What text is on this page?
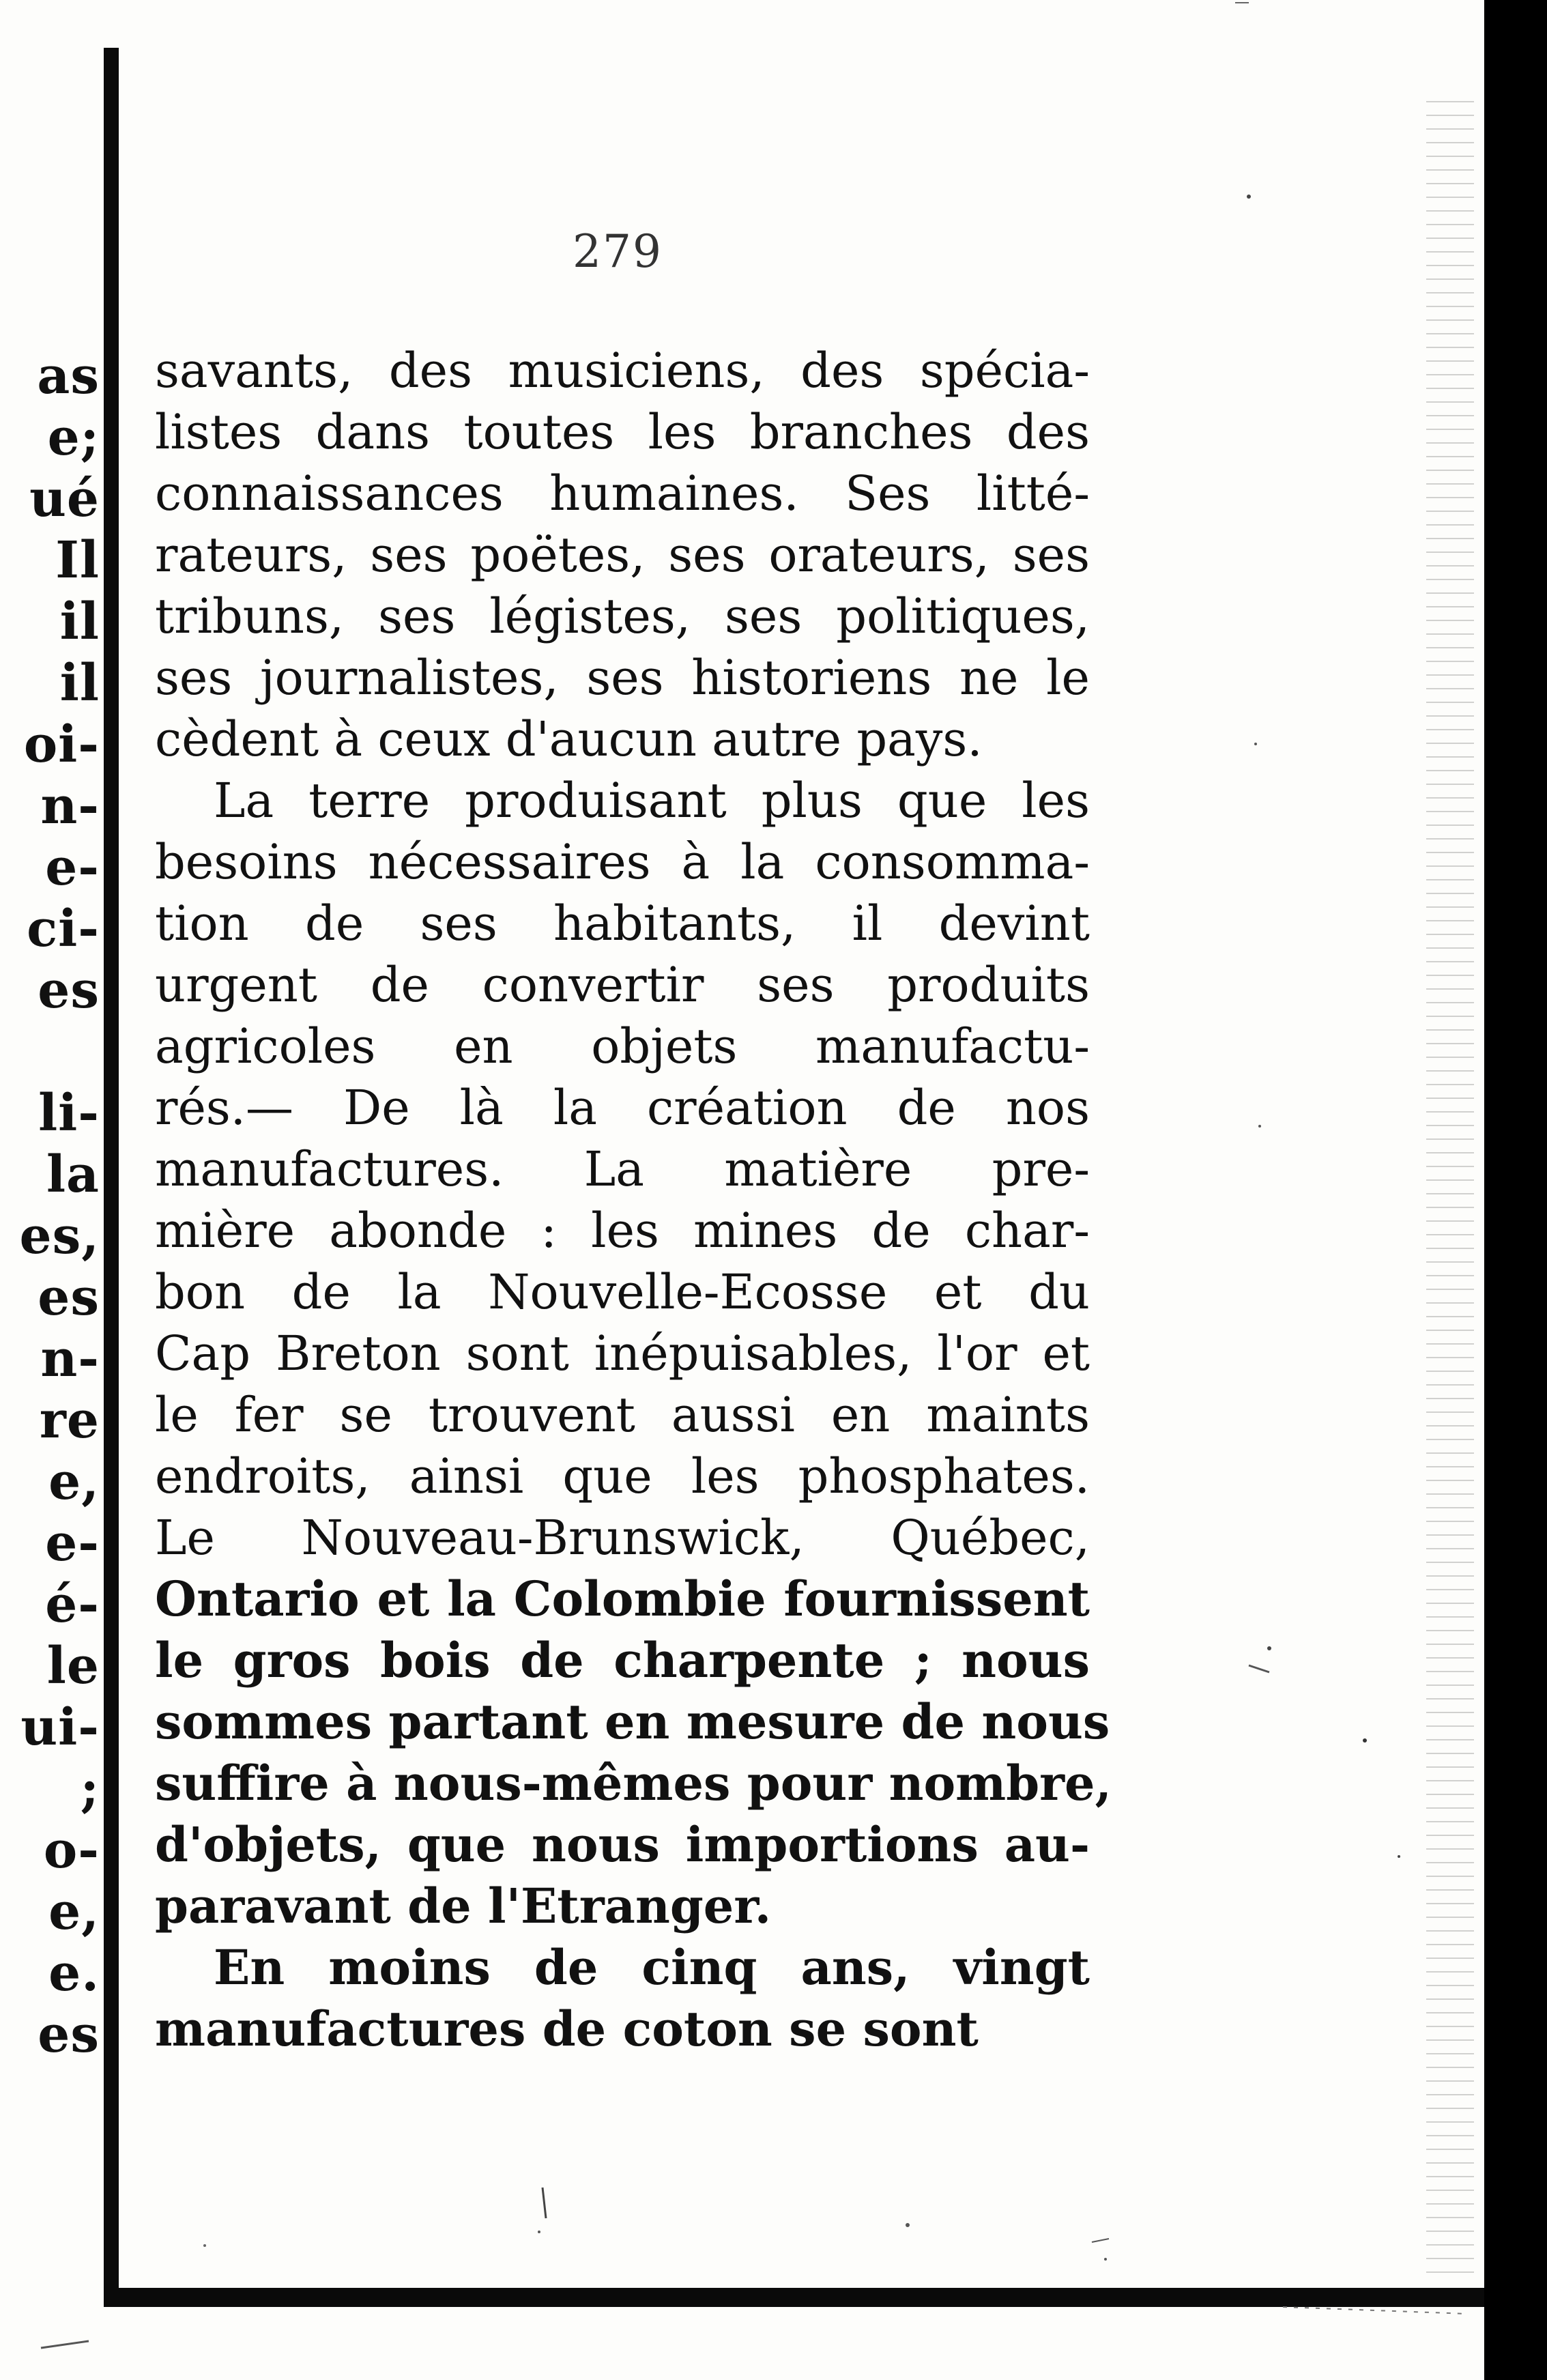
as
e;
ué
Il
il
il
oi-
n-
e-
ci-
es
li-
la
es,
es
n-
re
e,
e-
é-
le
ui-
;
o-
e,
e.
es
279
savants, des musiciens, des spécia-
listes dans toutes les branches des
connaissances humaines. Ses litté-
rateurs, ses poëtes, ses orateurs, ses
tribuns, ses légistes, ses politiques,
ses journalistes, ses historiens ne le
cèdent à ceux d'aucun autre pays.
La terre produisant plus que les
besoins nécessaires à la consomma-
tion de ses habitants, il devint
urgent de convertir ses produits
agricoles en objets manufactu-
rés.— De là la création de nos
manufactures. La matière pre-
mière abonde : les mines de char-
bon de la Nouvelle-Ecosse et du
Cap Breton sont inépuisables, l'or et
le fer se trouvent aussi en maints
endroits, ainsi que les phosphates.
Le Nouveau-Brunswick, Québec,
Ontario et la Colombie fournissent
le gros bois de charpente ; nous
sommes partant en mesure de nous
suffire à nous-mêmes pour nombre,
d'objets, que nous importions au-
paravant de l'Etranger.
En moins de cinq ans, vingt
manufactures de coton se sont
